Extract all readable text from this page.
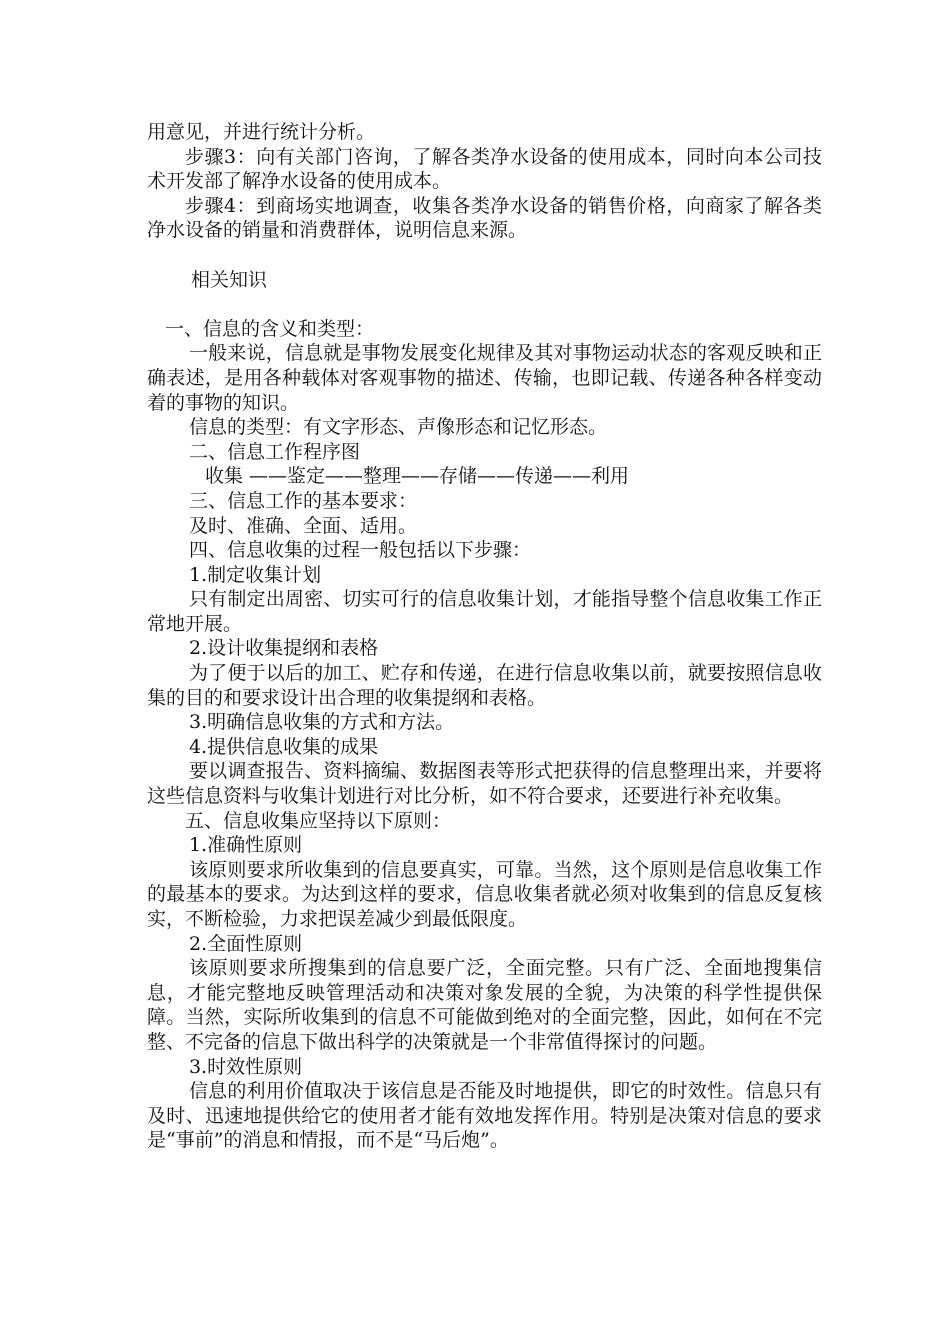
用意见，并进行统计分析。

步骤3：向有关部门咨询，了解各类净水设备的使用成本，同时向本公司技术开发部了解净水设备的使用成本。

步骤4：到商场实地调查，收集各类净水设备的销售价格，向商家了解各类净水设备的销量和消费群体，说明信息来源。

相关知识

一、信息的含义和类型：

一般来说，信息就是事物发展变化规律及其对事物运动状态的客观反映和正确表述，是用各种载体对客观事物的描述、传输，也即记载、传递各种各样变动着的事物的知识。

信息的类型：有文字形态、声像形态和记忆形态。

二、信息工作程序图

收集 ——鉴定——整理——存储——传递——利用

三、信息工作的基本要求：

及时、准确、全面、适用。

四、信息收集的过程一般包括以下步骤：

1.制定收集计划

只有制定出周密、切实可行的信息收集计划，才能指导整个信息收集工作正常地开展。

2.设计收集提纲和表格

为了便于以后的加工、贮存和传递，在进行信息收集以前，就要按照信息收集的目的和要求设计出合理的收集提纲和表格。

3.明确信息收集的方式和方法。

4.提供信息收集的成果

要以调查报告、资料摘编、数据图表等形式把获得的信息整理出来，并要将这些信息资料与收集计划进行对比分析，如不符合要求，还要进行补充收集。

五、信息收集应坚持以下原则：

1.准确性原则

该原则要求所收集到的信息要真实，可靠。当然，这个原则是信息收集工作的最基本的要求。为达到这样的要求，信息收集者就必须对收集到的信息反复核实，不断检验，力求把误差减少到最低限度。

2.全面性原则

该原则要求所搜集到的信息要广泛，全面完整。只有广泛、全面地搜集信息，才能完整地反映管理活动和决策对象发展的全貌，为决策的科学性提供保障。当然，实际所收集到的信息不可能做到绝对的全面完整，因此，如何在不完整、不完备的信息下做出科学的决策就是一个非常值得探讨的问题。

3.时效性原则

信息的利用价值取决于该信息是否能及时地提供，即它的时效性。信息只有及时、迅速地提供给它的使用者才能有效地发挥作用。特别是决策对信息的要求是“事前”的消息和情报，而不是“马后炮”。
